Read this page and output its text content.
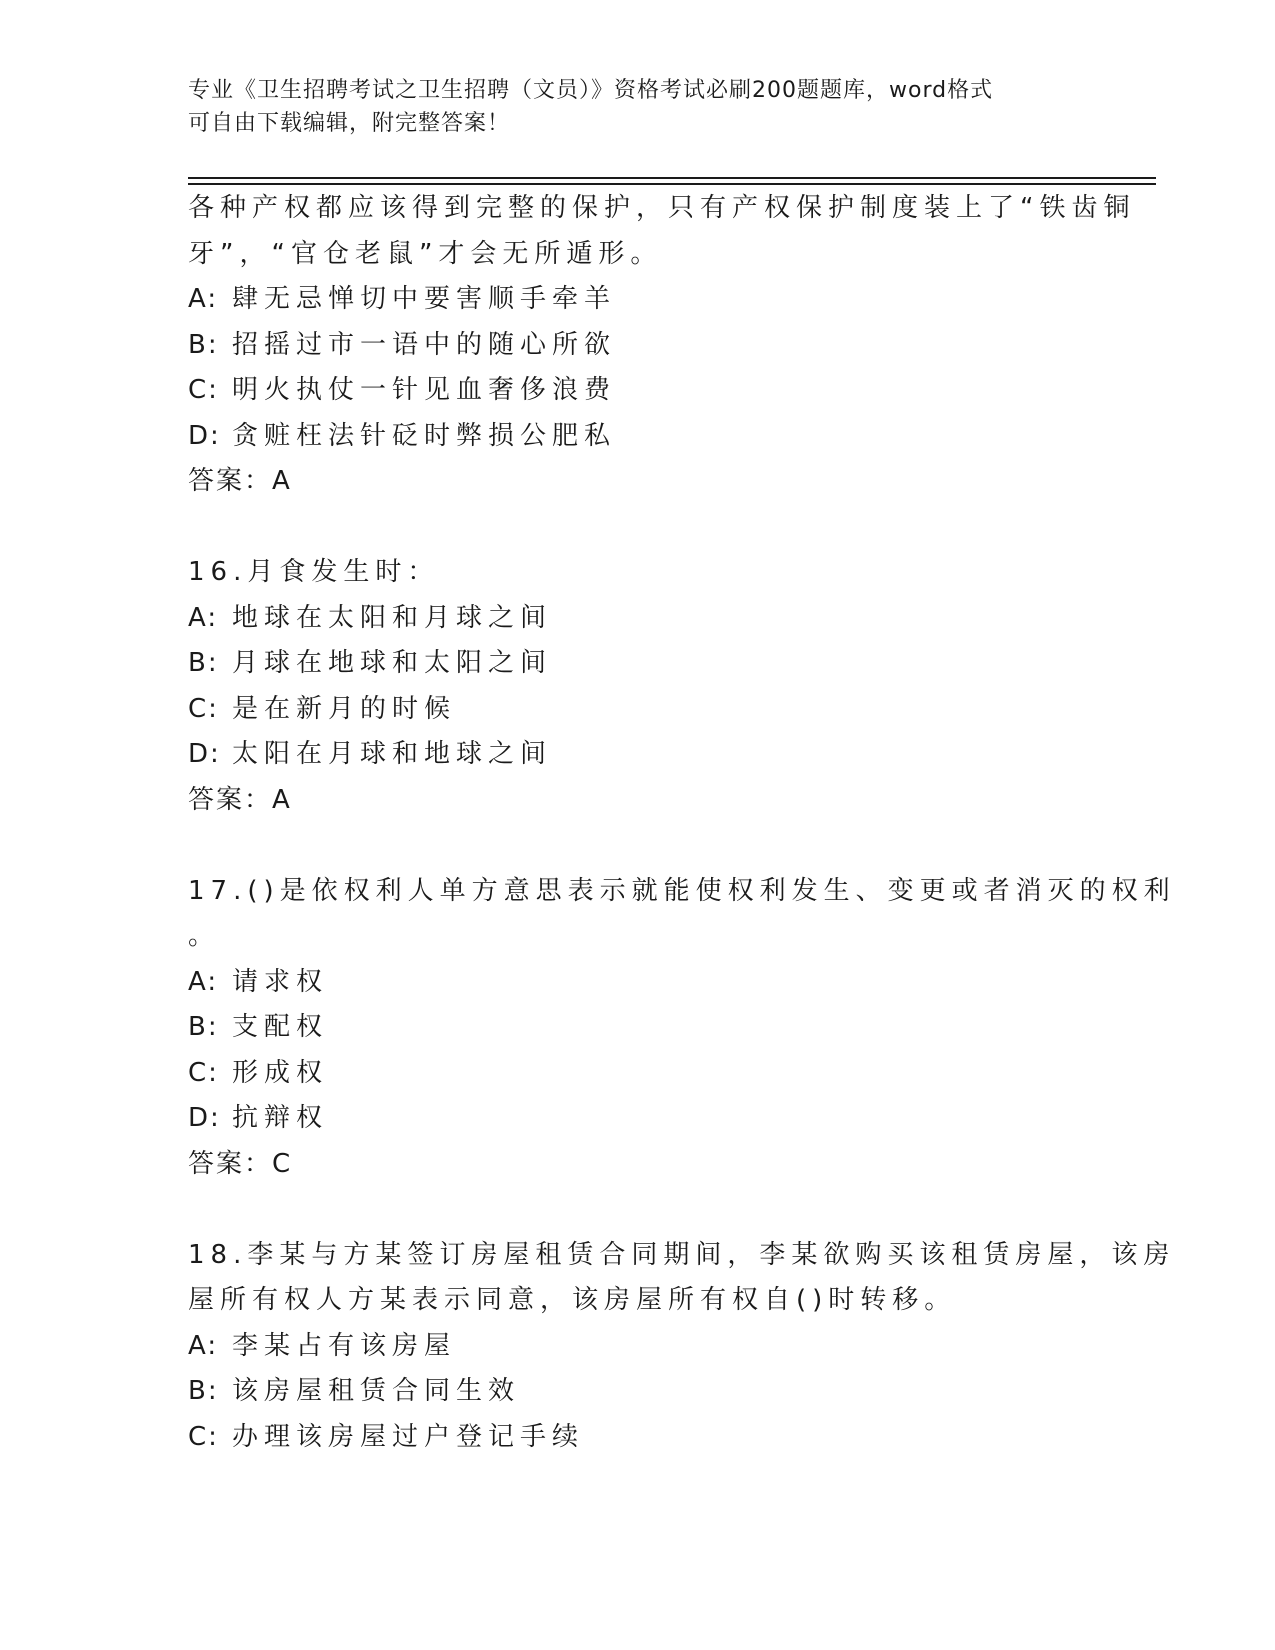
专业《卫生招聘考试之卫生招聘（文员）》资格考试必刷200题题库，word格式

可自由下载编辑，附完整答案！

各种产权都应该得到完整的保护，只有产权保护制度装上了“铁齿铜

牙”，“官仓老鼠”才会无所遁形。

A: 肆无忌惮切中要害顺手牵羊

B: 招摇过市一语中的随心所欲

C: 明火执仗一针见血奢侈浪费

D: 贪赃枉法针砭时弊损公肥私

答案：A

16.月食发生时：

A: 地球在太阳和月球之间

B: 月球在地球和太阳之间

C: 是在新月的时候

D: 太阳在月球和地球之间

答案：A

17.()是依权利人单方意思表示就能使权利发生、变更或者消灭的权利

。

A: 请求权

B: 支配权

C: 形成权

D: 抗辩权

答案：C

18.李某与方某签订房屋租赁合同期间，李某欲购买该租赁房屋，该房

屋所有权人方某表示同意，该房屋所有权自()时转移。

A: 李某占有该房屋

B: 该房屋租赁合同生效

C: 办理该房屋过户登记手续
